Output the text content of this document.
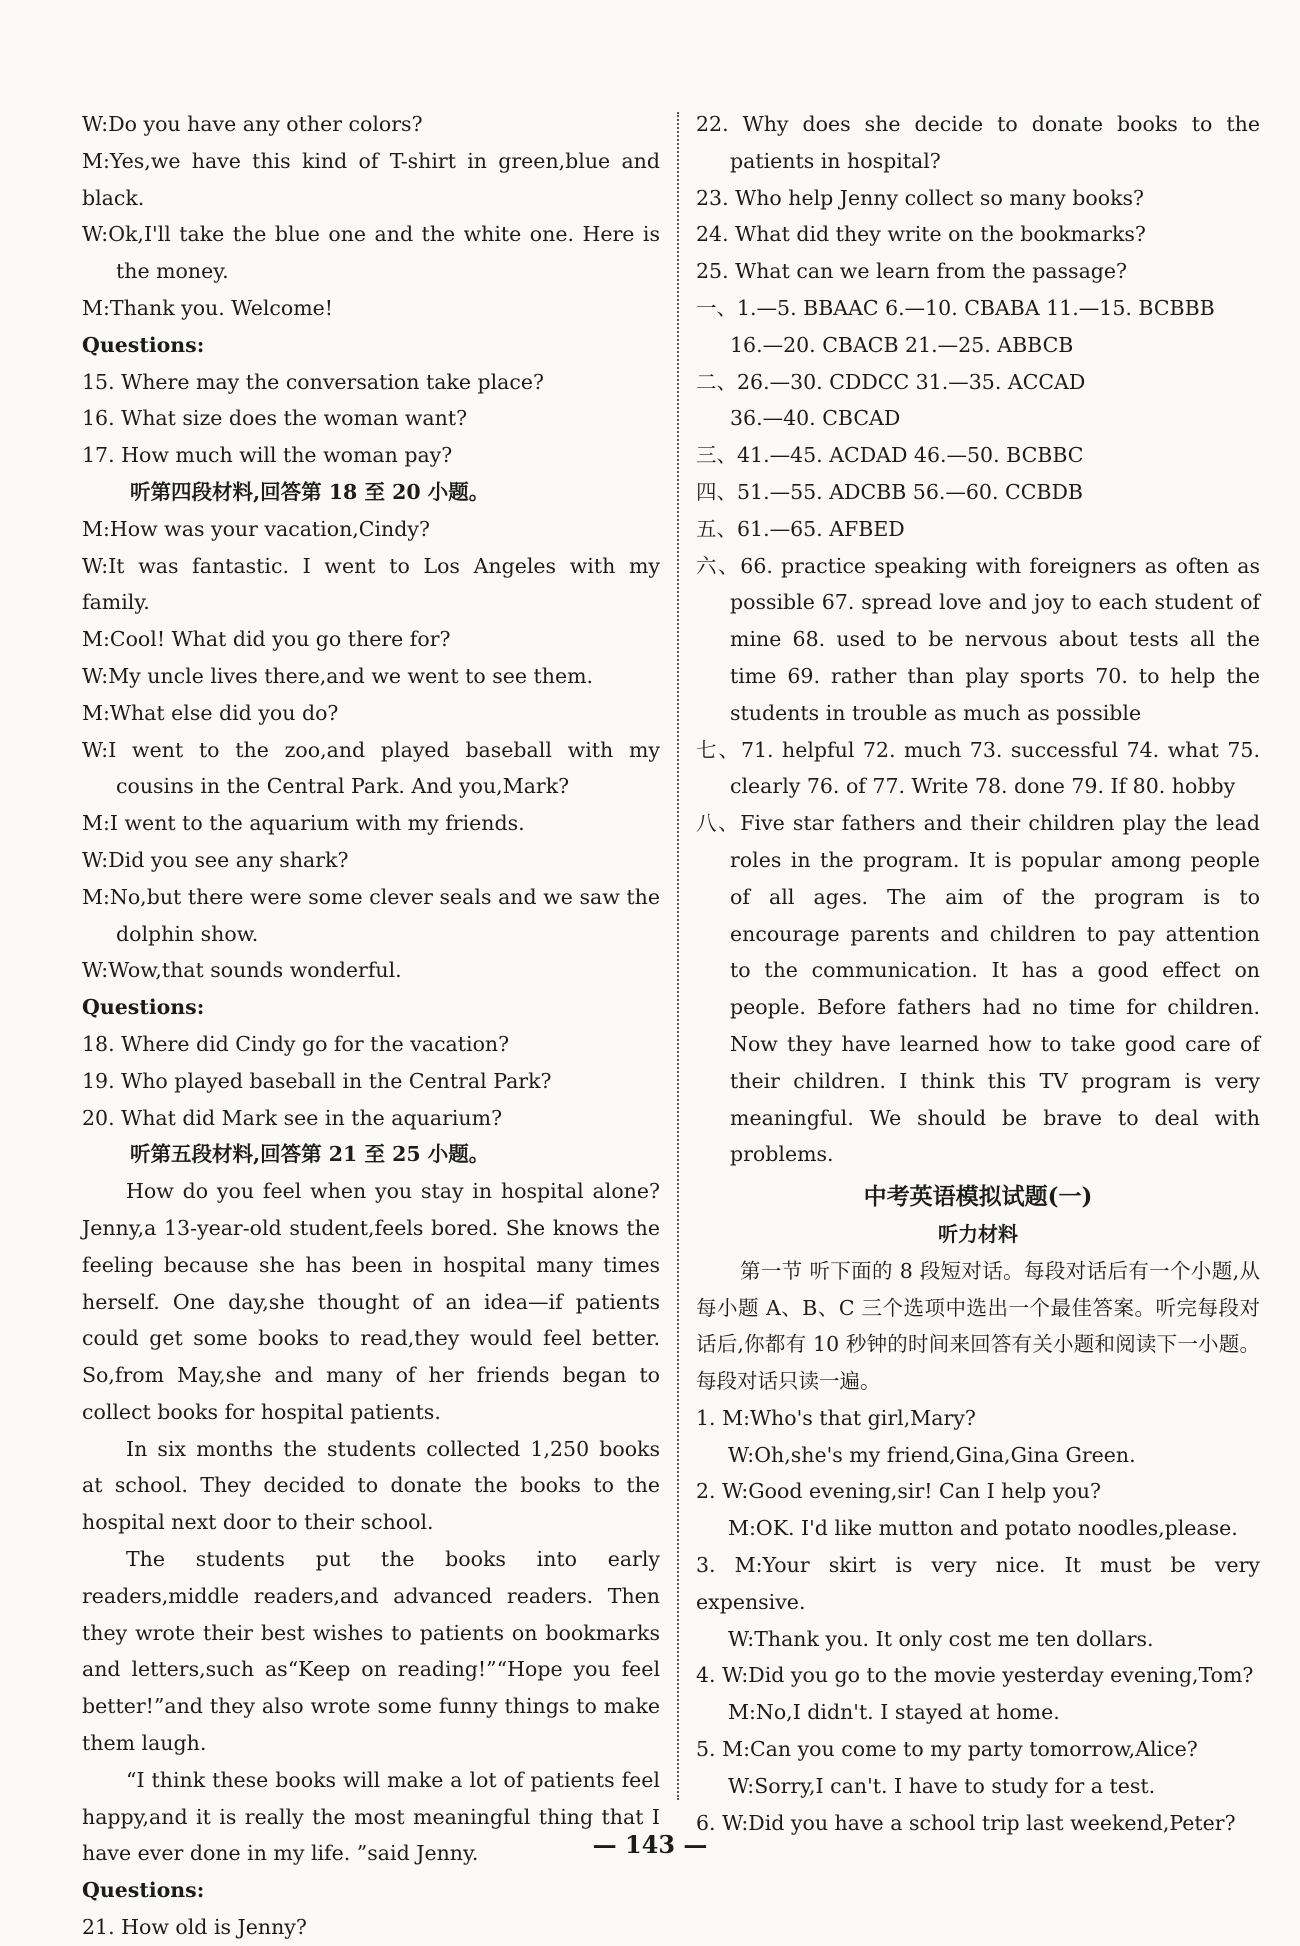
W:Do you have any other colors?
M:Yes,we have this kind of T-shirt in green,blue and black.
W:Ok,I'll take the blue one and the white one. Here is the money.
M:Thank you. Welcome!
Questions:
15. Where may the conversation take place?
16. What size does the woman want?
17. How much will the woman pay?
听第四段材料,回答第 18 至 20 小题。
M:How was your vacation,Cindy?
W:It was fantastic. I went to Los Angeles with my family.
M:Cool! What did you go there for?
W:My uncle lives there,and we went to see them.
M:What else did you do?
W:I went to the zoo,and played baseball with my cousins in the Central Park. And you,Mark?
M:I went to the aquarium with my friends.
W:Did you see any shark?
M:No,but there were some clever seals and we saw the dolphin show.
W:Wow,that sounds wonderful.
Questions:
18. Where did Cindy go for the vacation?
19. Who played baseball in the Central Park?
20. What did Mark see in the aquarium?
听第五段材料,回答第 21 至 25 小题。
How do you feel when you stay in hospital alone? Jenny,a 13-year-old student,feels bored. She knows the feeling because she has been in hospital many times herself. One day,she thought of an idea—if patients could get some books to read,they would feel better. So,from May,she and many of her friends began to collect books for hospital patients.
In six months the students collected 1,250 books at school. They decided to donate the books to the hospital next door to their school.
The students put the books into early readers,middle readers,and advanced readers. Then they wrote their best wishes to patients on bookmarks and letters,such as“Keep on reading!”“Hope you feel better!”and they also wrote some funny things to make them laugh.
“I think these books will make a lot of patients feel happy,and it is really the most meaningful thing that I have ever done in my life. ”said Jenny.
Questions:
21. How old is Jenny?
22. Why does she decide to donate books to the patients in hospital?
23. Who help Jenny collect so many books?
24. What did they write on the bookmarks?
25. What can we learn from the passage?
一、1.—5. BBAAC 6.—10. CBABA 11.—15. BCBBB
16.—20. CBACB 21.—25. ABBCB
二、26.—30. CDDCC 31.—35. ACCAD
36.—40. CBCAD
三、41.—45. ACDAD 46.—50. BCBBC
四、51.—55. ADCBB 56.—60. CCBDB
五、61.—65. AFBED
六、66. practice speaking with foreigners as often as possible 67. spread love and joy to each student of mine 68. used to be nervous about tests all the time 69. rather than play sports 70. to help the students in trouble as much as possible
七、71. helpful 72. much 73. successful 74. what 75. clearly 76. of 77. Write 78. done 79. If 80. hobby
八、Five star fathers and their children play the lead roles in the program. It is popular among people of all ages. The aim of the program is to encourage parents and children to pay attention to the communication. It has a good effect on people. Before fathers had no time for children. Now they have learned how to take good care of their children. I think this TV program is very meaningful. We should be brave to deal with problems.
中考英语模拟试题(一)
听力材料
第一节 听下面的 8 段短对话。每段对话后有一个小题,从每小题 A、B、C 三个选项中选出一个最佳答案。听完每段对话后,你都有 10 秒钟的时间来回答有关小题和阅读下一小题。每段对话只读一遍。
1. M:Who's that girl,Mary?
W:Oh,she's my friend,Gina,Gina Green.
2. W:Good evening,sir! Can I help you?
M:OK. I'd like mutton and potato noodles,please.
3. M:Your skirt is very nice. It must be very expensive.
W:Thank you. It only cost me ten dollars.
4. W:Did you go to the movie yesterday evening,Tom?
M:No,I didn't. I stayed at home.
5. M:Can you come to my party tomorrow,Alice?
W:Sorry,I can't. I have to study for a test.
6. W:Did you have a school trip last weekend,Peter?
— 143 —
